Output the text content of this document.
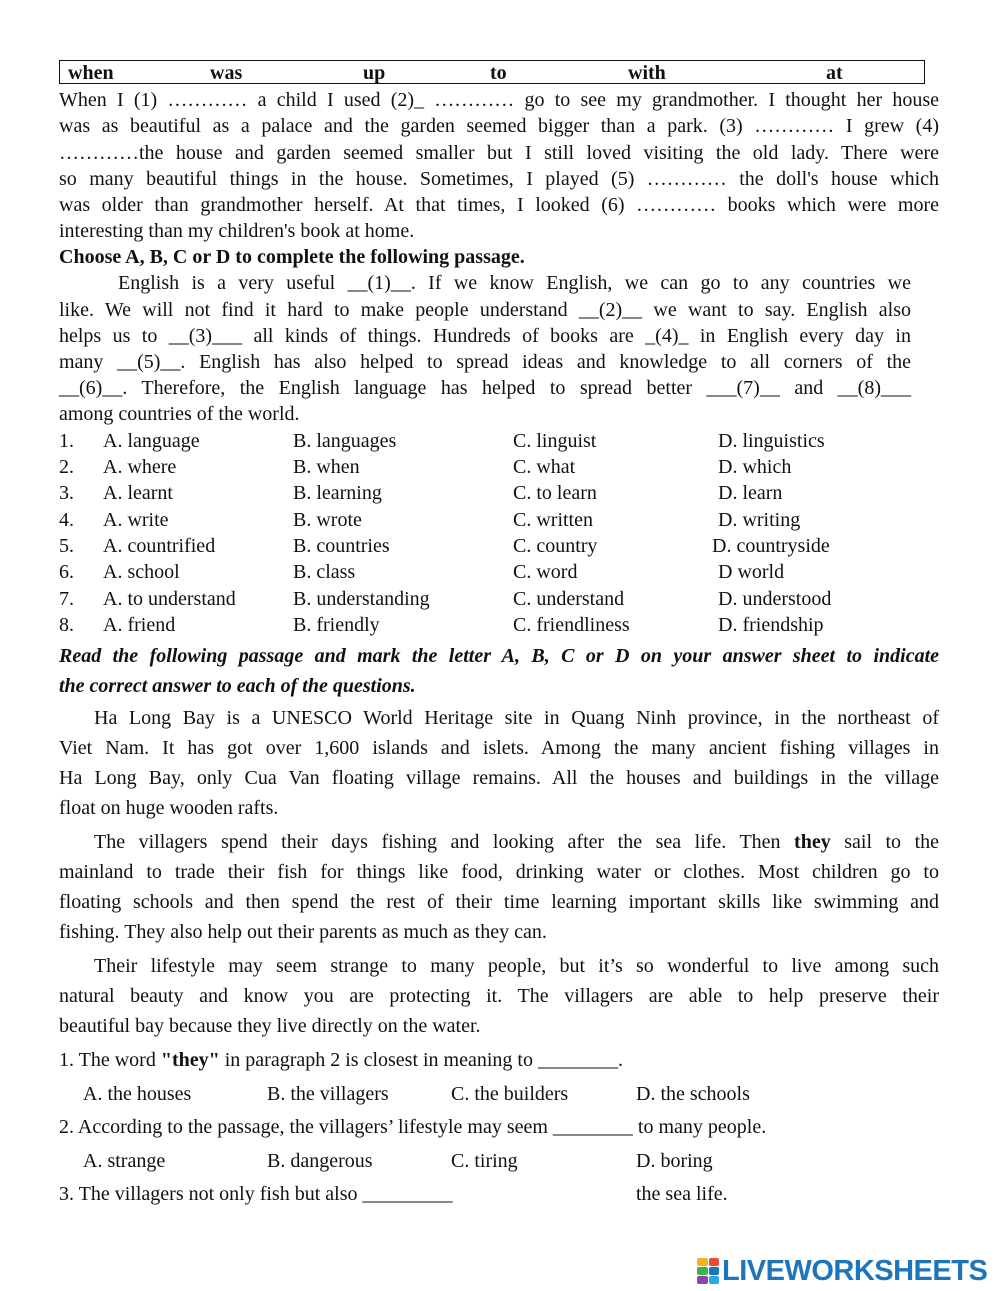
when	was	up	to	with	at
When I (1) ………… a child I used (2)_ ………… go to see my grandmother. I thought her house
was as beautiful as a palace and the garden seemed bigger than a park. (3) ………… I grew (4)
…………the house and garden seemed smaller but I still loved visiting the old lady. There were
so many beautiful things in the house. Sometimes, I played (5) ………… the doll's house which
was older than grandmother herself. At that times, I looked (6) ………… books which were more
interesting than my children's book at home.
Choose A, B, C or D to complete the following passage.
English is a very useful __(1)__. If we know English, we can go to any countries we
like. We will not find it hard to make people understand __(2)__ we want to say. English also
helps us to __(3)___ all kinds of things. Hundreds of books are _(4)_ in English every day in
many __(5)__. English has also helped to spread ideas and knowledge to all corners of the
__(6)__. Therefore, the English language has helped to spread better ___(7)__ and __(8)___
among countries of the world.
1. A. language	B. languages	C. linguist	D. linguistics
2. A. where	B. when	C. what	D. which
3. A. learnt	B. learning	C. to learn	D. learn
4. A. write	B. wrote	C. written	D. writing
5. A. countrified	B. countries	C. country	D. countryside
6. A. school	B. class	C. word	D world
7. A. to understand	B. understanding	C. understand	D. understood
8. A. friend	B. friendly	C. friendliness	D. friendship
Read the following passage and mark the letter A, B, C or D on your answer sheet to indicate
the correct answer to each of the questions.
Ha Long Bay is a UNESCO World Heritage site in Quang Ninh province, in the northeast of
Viet Nam. It has got over 1,600 islands and islets. Among the many ancient fishing villages in
Ha Long Bay, only Cua Van floating village remains. All the houses and buildings in the village
float on huge wooden rafts.
The villagers spend their days fishing and looking after the sea life. Then they sail to the
mainland to trade their fish for things like food, drinking water or clothes. Most children go to
floating schools and then spend the rest of their time learning important skills like swimming and
fishing. They also help out their parents as much as they can.
Their lifestyle may seem strange to many people, but it’s so wonderful to live among such
natural beauty and know you are protecting it. The villagers are able to help preserve their
beautiful bay because they live directly on the water.
1. The word "they" in paragraph 2 is closest in meaning to ________.
A. the houses	B. the villagers	C. the builders	D. the schools
2. According to the passage, the villagers’ lifestyle may seem ________ to many people.
A. strange	B. dangerous	C. tiring	D. boring
3. The villagers not only fish but also _________	the sea life.
LIVEWORKSHEETS
